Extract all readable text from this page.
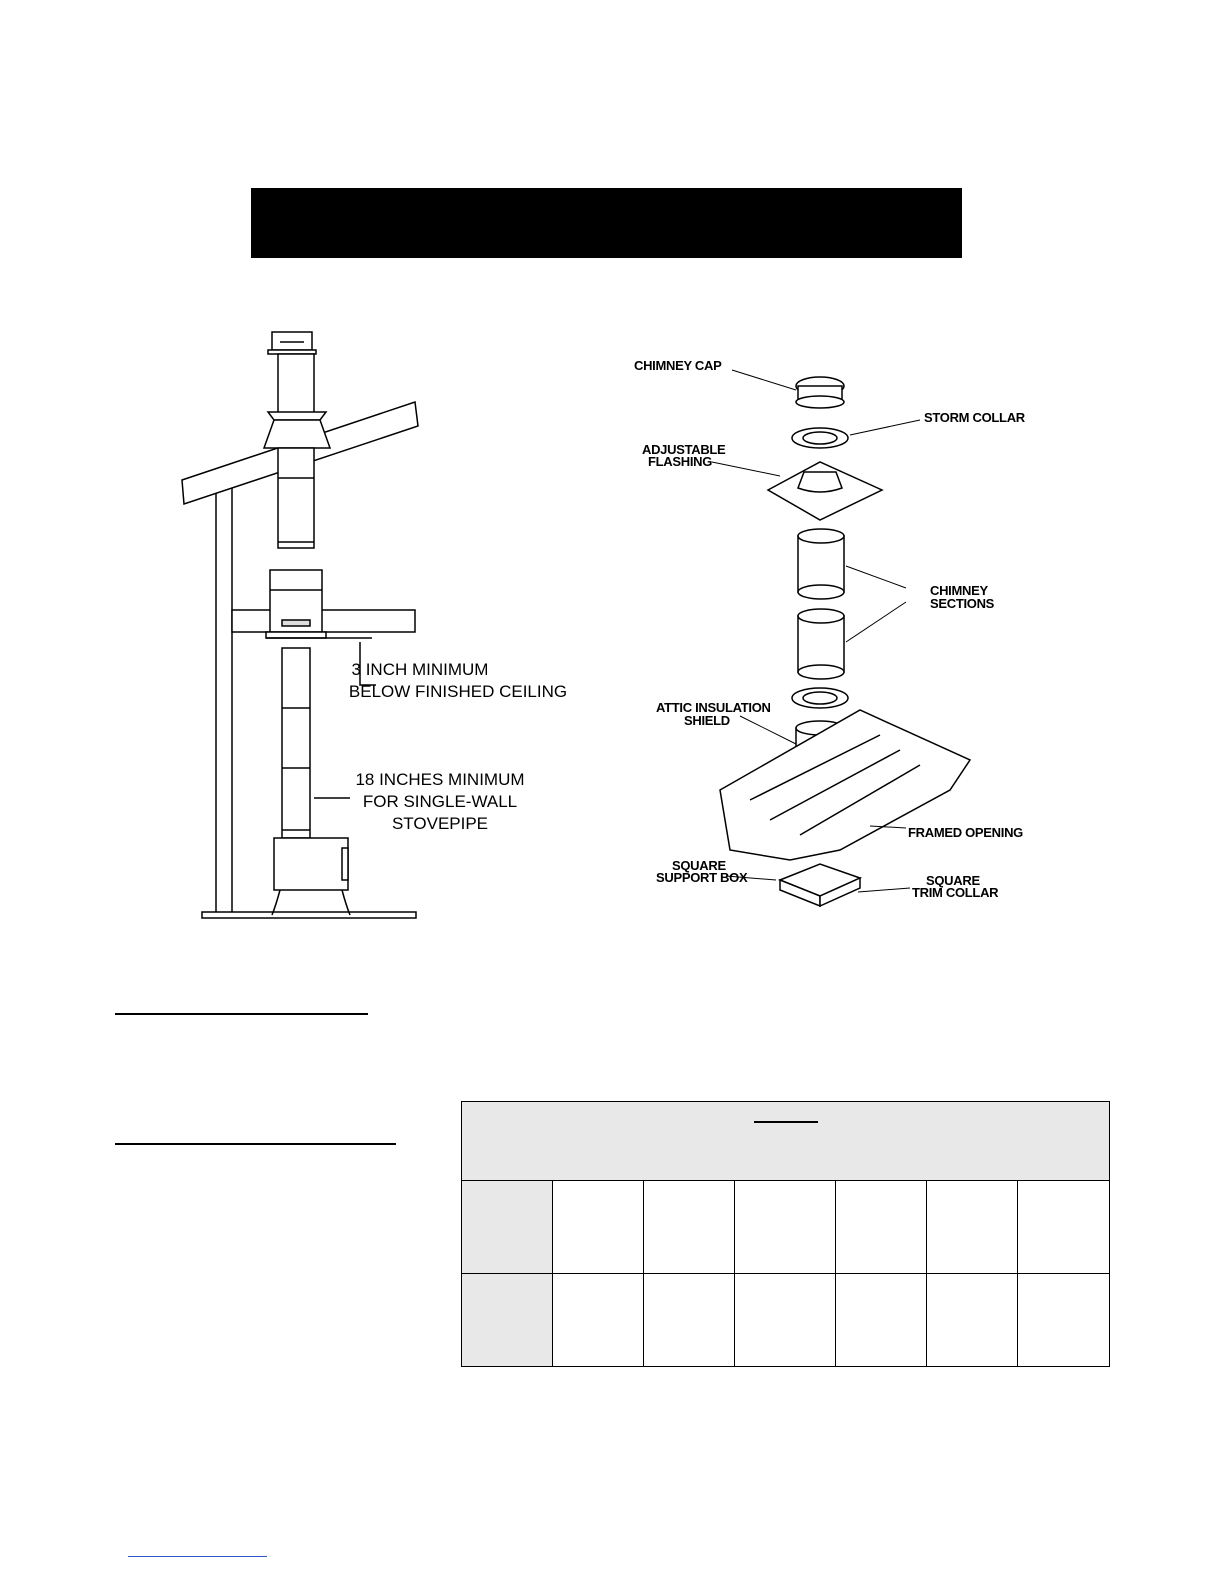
3 INCH MINIMUM
BELOW FINISHED CEILING
18 INCHES MINIMUM
FOR SINGLE-WALL
STOVEPIPE
CHIMNEY CAP
STORM COLLAR
ADJUSTABLE
FLASHING
CHIMNEY
SECTIONS
ATTIC INSULATION
SHIELD
FRAMED OPENING
SQUARE
SUPPORT BOX	SQUARE
TRIM COLLAR
